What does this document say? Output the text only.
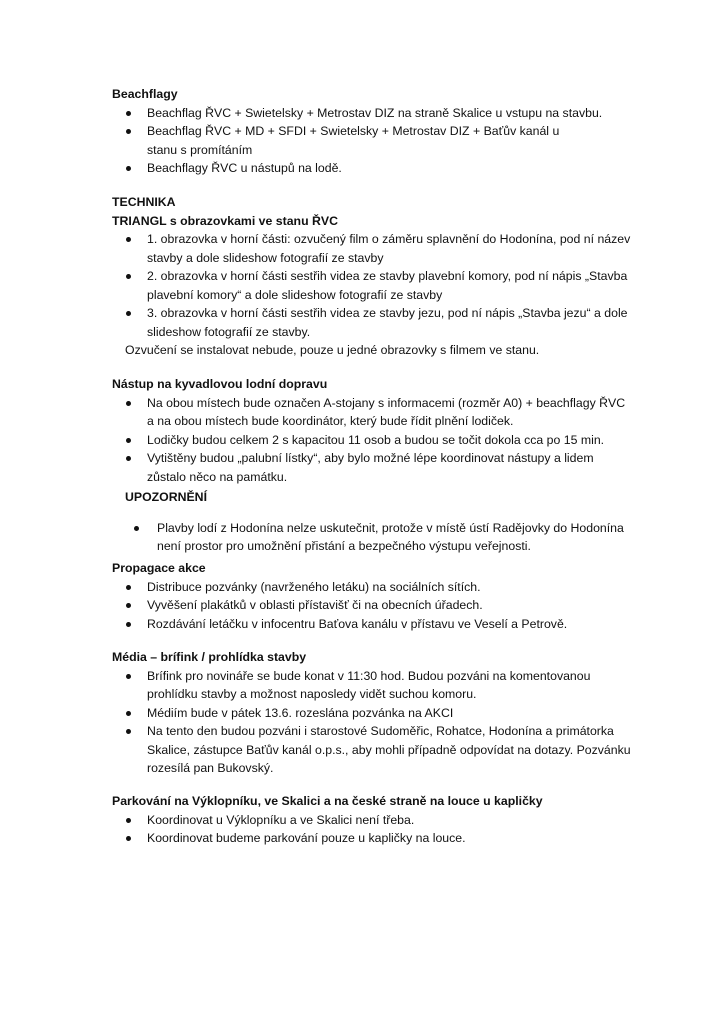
Beachflagy

Beachflag ŘVC + Swietelsky + Metrostav DIZ na straně Skalice u vstupu na stavbu.
Beachflag ŘVC + MD + SFDI + Swietelsky + Metrostav DIZ + Baťův kanál u stanu s promítáním
Beachflagy ŘVC u nástupů na lodě.

TECHNIKA

TRIANGL s obrazovkami ve stanu ŘVC

1. obrazovka v horní části: ozvučený film o záměru splavnění do Hodonína, pod ní název stavby a dole slideshow fotografií ze stavby
2. obrazovka v horní části sestřih videa ze stavby plavební komory, pod ní nápis „Stavba plavební komory“ a dole slideshow fotografií ze stavby
3. obrazovka v horní části sestřih videa ze stavby jezu, pod ní nápis „Stavba jezu“ a dole slideshow fotografií ze stavby.

Ozvučení se instalovat nebude, pouze u jedné obrazovky s filmem ve stanu.

Nástup na kyvadlovou lodní dopravu

Na obou místech bude označen A-stojany s informacemi (rozměr A0) + beachflagy ŘVC a na obou místech bude koordinátor, který bude řídit plnění lodiček.
Lodičky budou celkem 2 s kapacitou 11 osob a budou se točit dokola cca po 15 min.
Vytištěny budou „palubní lístky“, aby bylo možné lépe koordinovat nástupy a lidem zůstalo něco na památku.

UPOZORNĚNÍ

Plavby lodí z Hodonína nelze uskutečnit, protože v místě ústí Radějovky do Hodonína není prostor pro umožnění přistání a bezpečného výstupu veřejnosti.

Propagace akce

Distribuce pozvánky (navrženého letáku) na sociálních sítích.
Vyvěšení plakátků v oblasti přístavišť či na obecních úřadech.
Rozdávání letáčku v infocentru Baťova kanálu v přístavu ve Veselí a Petrově.

Média – brífink / prohlídka stavby

Brífink pro novináře se bude konat v 11:30 hod. Budou pozváni na komentovanou prohlídku stavby a možnost naposledy vidět suchou komoru.
Médiím bude v pátek 13.6. rozeslána pozvánka na AKCI
Na tento den budou pozváni i starostové Sudoměřic, Rohatce, Hodonína a primátorka Skalice, zástupce Baťův kanál o.p.s., aby mohli případně odpovídat na dotazy. Pozvánku rozesílá pan Bukovský.

Parkování na Výklopníku, ve Skalici a na české straně na louce u kapličky

Koordinovat u Výklopníku a ve Skalici není třeba.
Koordinovat budeme parkování pouze u kapličky na louce.
